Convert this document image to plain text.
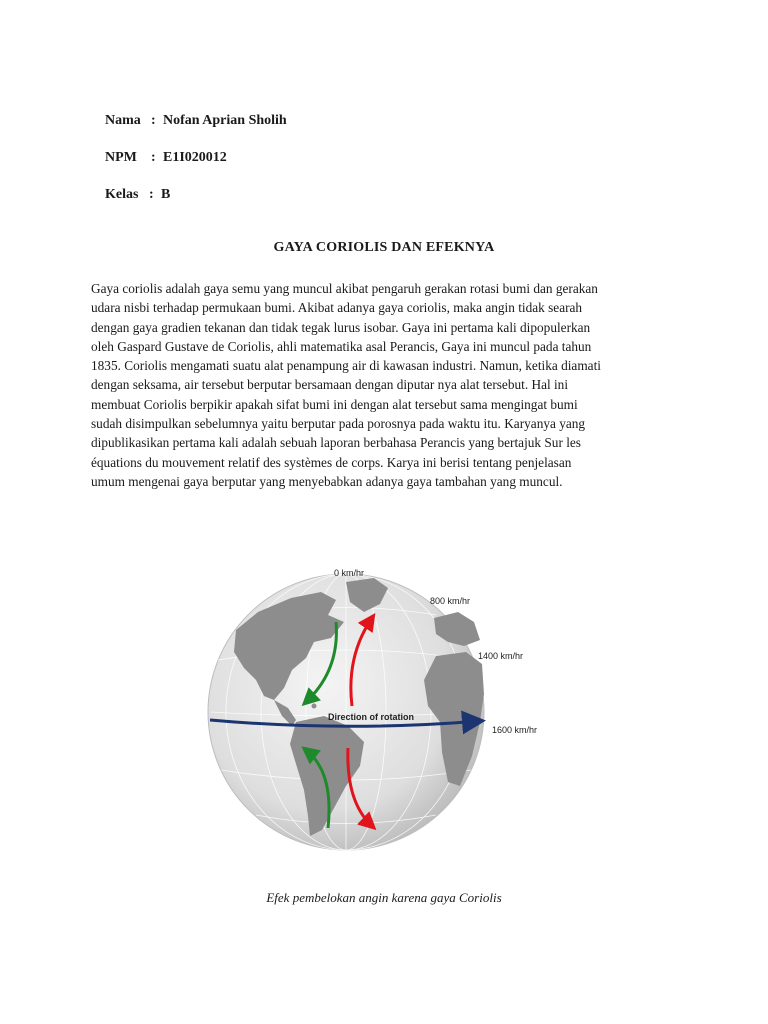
Nama : Nofan Aprian Sholih

NPM : E1I020012

Kelas : B

GAYA CORIOLIS DAN EFEKNYA
Gaya coriolis adalah gaya semu yang muncul akibat pengaruh gerakan rotasi bumi dan gerakan
udara nisbi terhadap permukaan bumi. Akibat adanya gaya coriolis, maka angin tidak searah
dengan gaya gradien tekanan dan tidak tegak lurus isobar. Gaya ini pertama kali dipopulerkan
oleh Gaspard Gustave de Coriolis, ahli matematika asal Perancis, Gaya ini muncul pada tahun
1835. Coriolis mengamati suatu alat penampung air di kawasan industri. Namun, ketika diamati
dengan seksama, air tersebut berputar bersamaan dengan diputar nya alat tersebut. Hal ini
membuat Coriolis berpikir apakah sifat bumi ini dengan alat tersebut sama mengingat bumi
sudah disimpulkan sebelumnya yaitu berputar pada porosnya pada waktu itu. Karyanya yang
dipublikasikan pertama kali adalah sebuah laporan berbahasa Perancis yang bertajuk Sur les
équations du mouvement relatif des systèmes de corps. Karya ini berisi tentang penjelasan
umum mengenai gaya berputar yang menyebabkan adanya gaya tambahan yang muncul.
Direction of rotation
0 km/hr
800 km/hr
1400 km/hr
1600 km/hr
Efek pembelokan angin karena gaya Coriolis
